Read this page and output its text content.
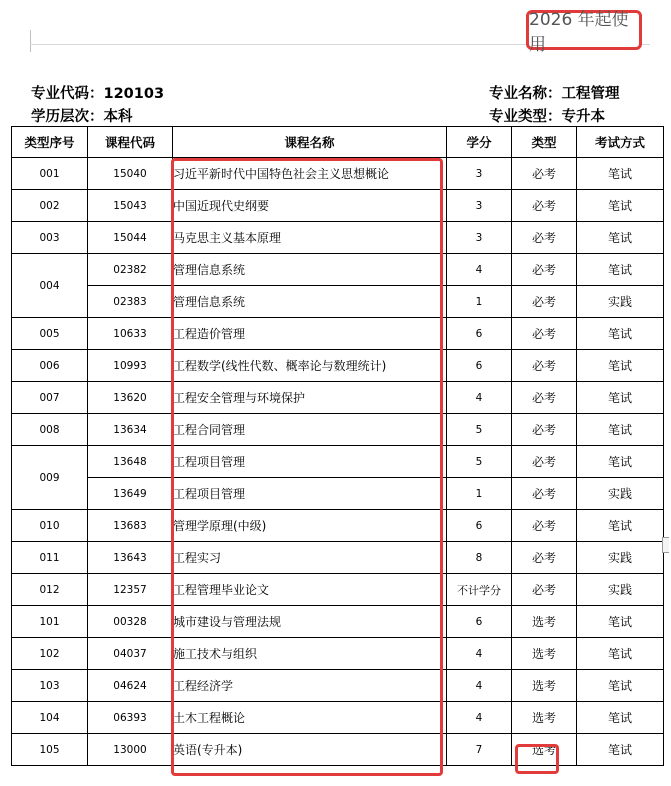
2026 年起使用
专业代码：120103
学历层次：本科
专业名称：工程管理
专业类型：专升本
类型序号	课程代码	课程名称	学分	类型	考试方式
001	15040	习近平新时代中国特色社会主义思想概论	3	必考	笔试
002	15043	中国近现代史纲要	3	必考	笔试
003	15044	马克思主义基本原理	3	必考	笔试
004	02382	管理信息系统	4	必考	笔试
	02383	管理信息系统	1	必考	实践
005	10633	工程造价管理	6	必考	笔试
006	10993	工程数学(线性代数、概率论与数理统计)	6	必考	笔试
007	13620	工程安全管理与环境保护	4	必考	笔试
008	13634	工程合同管理	5	必考	笔试
009	13648	工程项目管理	5	必考	笔试
	13649	工程项目管理	1	必考	实践
010	13683	管理学原理(中级)	6	必考	笔试
011	13643	工程实习	8	必考	实践
012	12357	工程管理毕业论文	不计学分	必考	实践
101	00328	城市建设与管理法规	6	选考	笔试
102	04037	施工技术与组织	4	选考	笔试
103	04624	工程经济学	4	选考	笔试
104	06393	土木工程概论	4	选考	笔试
105	13000	英语(专升本)	7	选考	笔试
